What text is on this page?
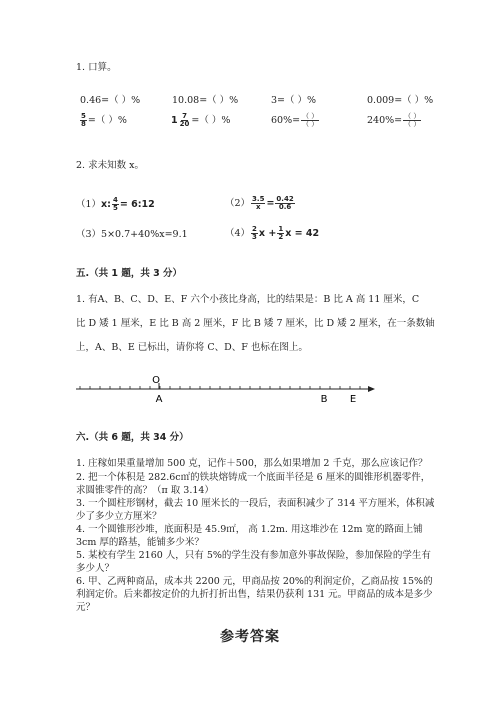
1. 口算。
0.46=（ ）%	10.08=（ ）%	3=（ ）%	0.009=（ ）%
$\frac{5}{8}$ =（ ）%	$1 \frac{7}{20}$ =（ ）%	$60\%= \frac{( )}{( )}$	$240\%= \frac{( )}{( )}$
2. 求未知数 x。
（1）x: $\frac{4}{5}$ = 6:12	$(2) \frac{3.5}{x} = \frac{0.42}{0.6}$
（3）5×0.7+40%x=9.1	$(4) \frac{2}{3}$ $x + \frac{1}{2}$ x = 42
五.（共 1 题，共 3 分）
1. 有A、B、C、D、E、F 六个小孩比身高，比的结果是：B 比 A 高 11 厘米，C
比 D 矮 1 厘米，E 比 B 高 2 厘米，F 比 B 矮 7 厘米，比 D 矮 2 厘米，在一条数轴
上，A、B、E 已标出，请你将 C、D、F 也标在图上。
O
A	B E
六.（共 6 题，共 34 分）
1. 庄稼如果重量增加 500 克，记作＋500，那么如果增加 2 千克，那么应该记作？
2. 把一个体积是 282.6c㎡的铁块熔铸成一个底面半径是 6 厘米的圆锥形机器零件，求圆锥零件的高？（π 取 3.14）
3. 一个圆柱形钢材，截去 10 厘米长的一段后，表面积减少了 314 平方厘米，体积减少了多少立方厘米？
4. 一个圆锥形沙堆，底面积是 45.9㎡， 高 1.2m. 用这堆沙在 12m 宽的路面上铺 3cm 厚的路基，能铺多少米？
5. 某校有学生 2160 人，只有 5%的学生没有参加意外事故保险，参加保险的学生有多少人？
6. 甲、乙两种商品，成本共 2200 元，甲商品按 20%的利润定价，乙商品按 15%的利润定价。后来都按定价的九折打折出售，结果仍获利 131 元。甲商品的成本是多少元？
参考答案
